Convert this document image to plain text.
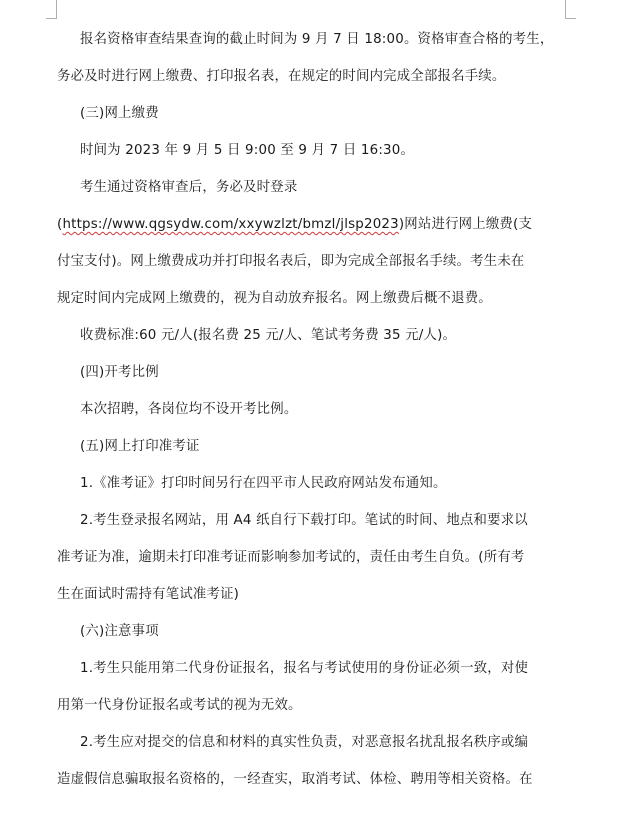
报名资格审查结果查询的截止时间为 9 月 7 日 18:00。资格审查合格的考生，
务必及时进行网上缴费、打印报名表，在规定的时间内完成全部报名手续。
(三)网上缴费
时间为 2023 年 9 月 5 日 9:00 至 9 月 7 日 16:30。
考生通过资格审查后，务必及时登录
(https://www.qgsydw.com/xxywzlzt/bmzl/jlsp2023)网站进行网上缴费(支
付宝支付)。网上缴费成功并打印报名表后，即为完成全部报名手续。考生未在
规定时间内完成网上缴费的，视为自动放弃报名。网上缴费后概不退费。
收费标准:60 元/人(报名费 25 元/人、笔试考务费 35 元/人)。
(四)开考比例
本次招聘，各岗位均不设开考比例。
(五)网上打印准考证
1.《准考证》打印时间另行在四平市人民政府网站发布通知。
2.考生登录报名网站，用 A4 纸自行下载打印。笔试的时间、地点和要求以
准考证为准，逾期未打印准考证而影响参加考试的，责任由考生自负。(所有考
生在面试时需持有笔试准考证)
(六)注意事项
1.考生只能用第二代身份证报名，报名与考试使用的身份证必须一致，对使
用第一代身份证报名或考试的视为无效。
2.考生应对提交的信息和材料的真实性负责，对恶意报名扰乱报名秩序或编
造虚假信息骗取报名资格的，一经查实，取消考试、体检、聘用等相关资格。在
